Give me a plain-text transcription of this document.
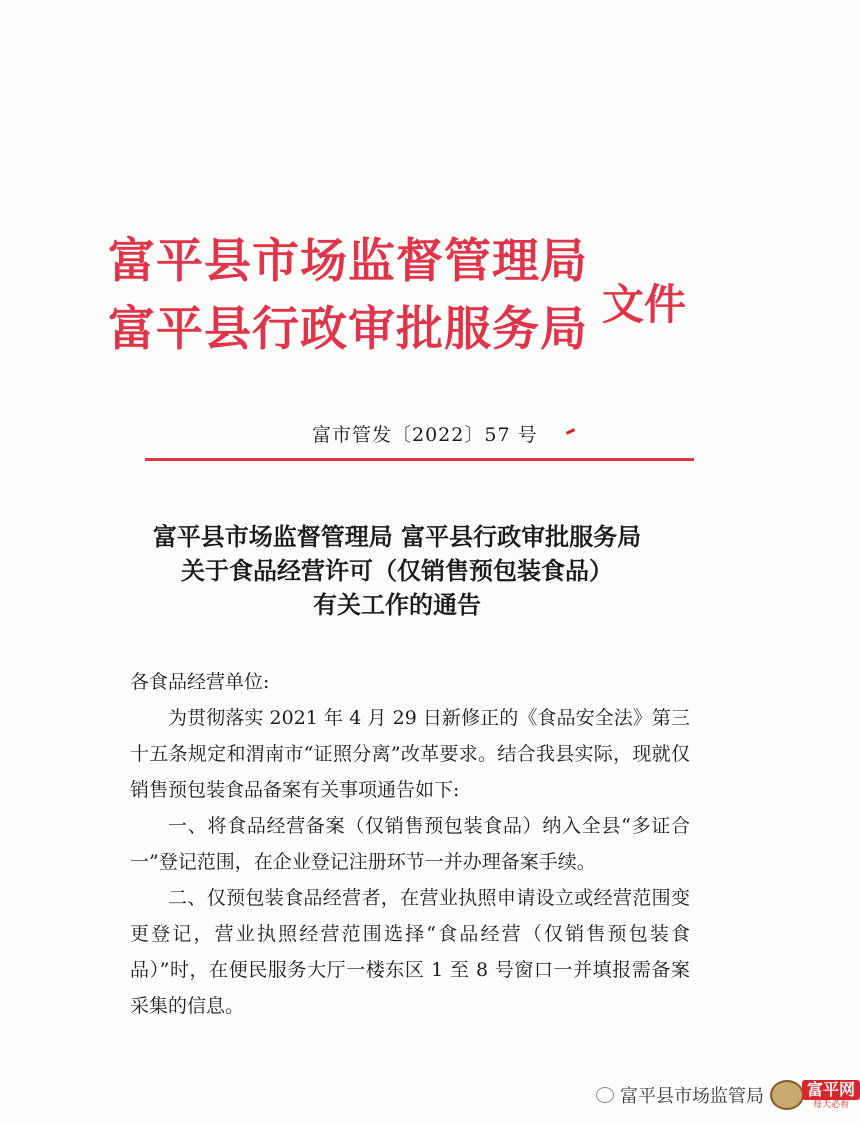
富平县市场监督管理局
富平县行政审批服务局 文件
富市管发〔2022〕57 号
富平县市场监督管理局 富平县行政审批服务局
关于食品经营许可（仅销售预包装食品）
有关工作的通告

各食品经营单位:

为贯彻落实 2021 年 4 月 29 日新修正的《食品安全法》第三十五条规定和渭南市“证照分离”改革要求。结合我县实际，现就仅销售预包装食品备案有关事项通告如下:

一、将食品经营备案（仅销售预包装食品）纳入全县“多证合一”登记范围，在企业登记注册环节一并办理备案手续。

二、仅预包装食品经营者，在营业执照申请设立或经营范围变更登记，营业执照经营范围选择“食品经营（仅销售预包装食品）”时，在便民服务大厅一楼东区 1 至 8 号窗口一并填报需备案采集的信息。

富平县市场监管局	富平网
每天必看
